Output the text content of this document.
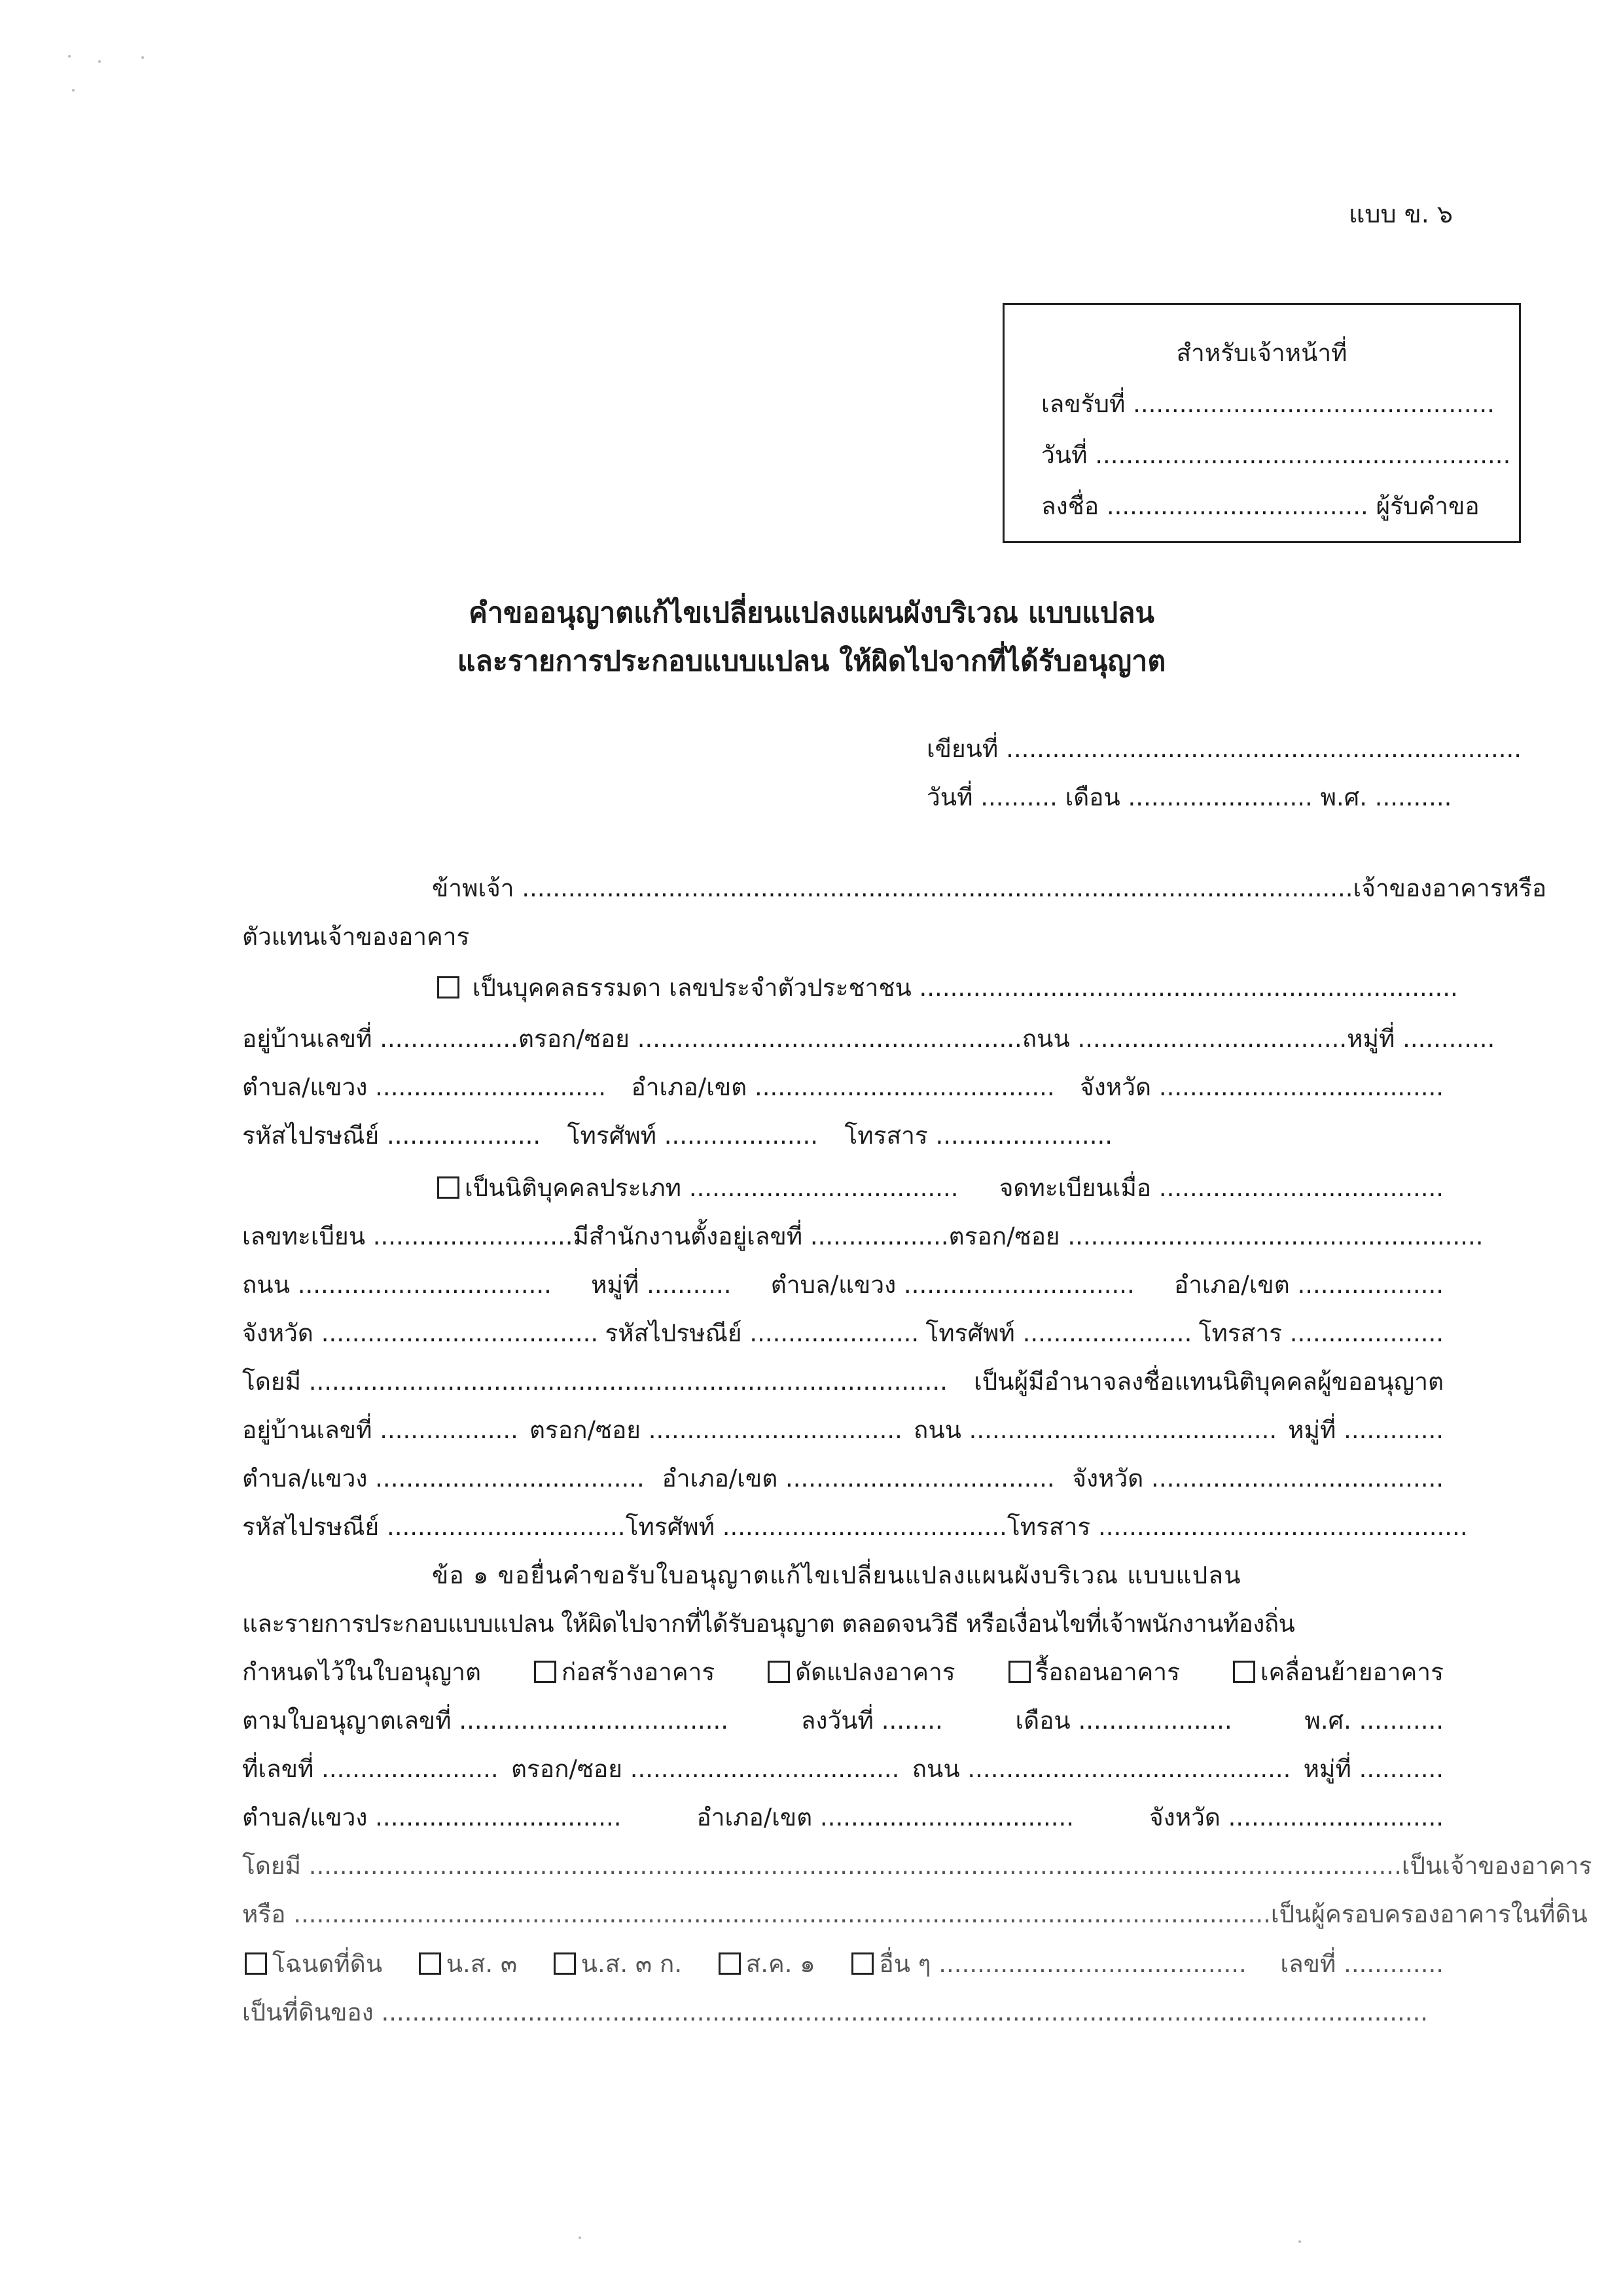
แบบ ข. ๖
สำหรับเจ้าหน้าที่
เลขรับที่ ...............................................
วันที่ ......................................................
ลงชื่อ .................................. ผู้รับคำขอ
คำขออนุญาตแก้ไขเปลี่ยนแปลงแผนผังบริเวณ แบบแปลน
และรายการประกอบแบบแปลน ให้ผิดไปจากที่ได้รับอนุญาต
เขียนที่ ...................................................................
วันที่ .......... เดือน ........................ พ.ศ. ..........
ข้าพเจ้า ............................................................................................................ เจ้าของอาคารหรือ
ตัวแทนเจ้าของอาคาร
เป็นบุคคลธรรมดา เลขประจำตัวประชาชน ......................................................................
อยู่บ้านเลขที่ .................. ตรอก/ซอย .................................................. ถนน ................................... หมู่ที่ ............
ตำบล/แขวง .............................. อำเภอ/เขต ....................................... จังหวัด .....................................
รหัสไปรษณีย์ .................... โทรศัพท์ .................... โทรสาร .......................
เป็นนิติบุคคลประเภท ................................... จดทะเบียนเมื่อ .....................................
เลขทะเบียน .......................... มีสำนักงานตั้งอยู่เลขที่ .................. ตรอก/ซอย ......................................................
ถนน ................................. หมู่ที่ ........... ตำบล/แขวง .............................. อำเภอ/เขต ...................
จังหวัด .................................... รหัสไปรษณีย์ ...................... โทรศัพท์ ...................... โทรสาร ....................
โดยมี ................................................................................... เป็นผู้มีอำนาจลงชื่อแทนนิติบุคคลผู้ขออนุญาต
อยู่บ้านเลขที่ .................. ตรอก/ซอย ................................. ถนน ........................................ หมู่ที่ .............
ตำบล/แขวง ................................... อำเภอ/เขต ................................... จังหวัด ......................................
รหัสไปรษณีย์ ............................... โทรศัพท์ ..................................... โทรสาร ................................................
ข้อ ๑ ขอยื่นคำขอรับใบอนุญาตแก้ไขเปลี่ยนแปลงแผนผังบริเวณ แบบแปลน
และรายการประกอบแบบแปลน ให้ผิดไปจากที่ได้รับอนุญาต ตลอดจนวิธี หรือเงื่อนไขที่เจ้าพนักงานท้องถิ่น
กำหนดไว้ในใบอนุญาต	ก่อสร้างอาคาร	ดัดแปลงอาคาร	รื้อถอนอาคาร	เคลื่อนย้ายอาคาร
ตามใบอนุญาตเลขที่ ...................................	ลงวันที่ ........	เดือน ....................	พ.ศ. ...........
ที่เลขที่ ....................... ตรอก/ซอย ................................... ถนน .......................................... หมู่ที่ ...........
ตำบล/แขวง ................................	อำเภอ/เขต .................................	จังหวัด ............................
โดยมี .............................................................................................................................................. เป็นเจ้าของอาคาร
หรือ ............................................................................................................................... เป็นผู้ครอบครองอาคารในที่ดิน
โฉนดที่ดิน	น.ส. ๓	น.ส. ๓ ก.	ส.ค. ๑	อื่น ๆ ........................................ เลขที่ .............
เป็นที่ดินของ ........................................................................................................................................
